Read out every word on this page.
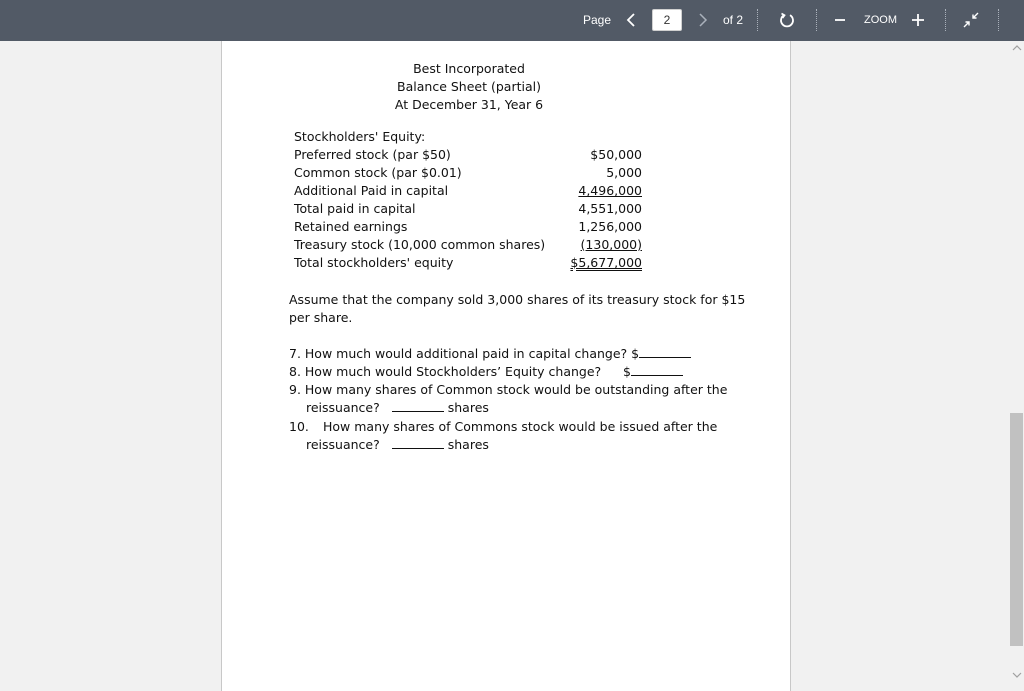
Page
2	of 2	ZOOM
Best Incorporated
Balance Sheet (partial)
At December 31, Year 6
Stockholders' Equity:
Preferred stock (par $50)	$50,000
Common stock (par $0.01)	5,000
Additional Paid in capital	4,496,000
Total paid in capital	4,551,000
Retained earnings	1,256,000
Treasury stock (10,000 common shares)	(130,000)
Total stockholders' equity	$5,677,000
Assume that the company sold 3,000 shares of its treasury stock for $15
per share.
7. How much would additional paid in capital change? $
8. How much would Stockholders’ Equity change? $
9. How many shares of Common stock would be outstanding after the
reissuance?	shares
10. How many shares of Commons stock would be issued after the
reissuance?	shares
